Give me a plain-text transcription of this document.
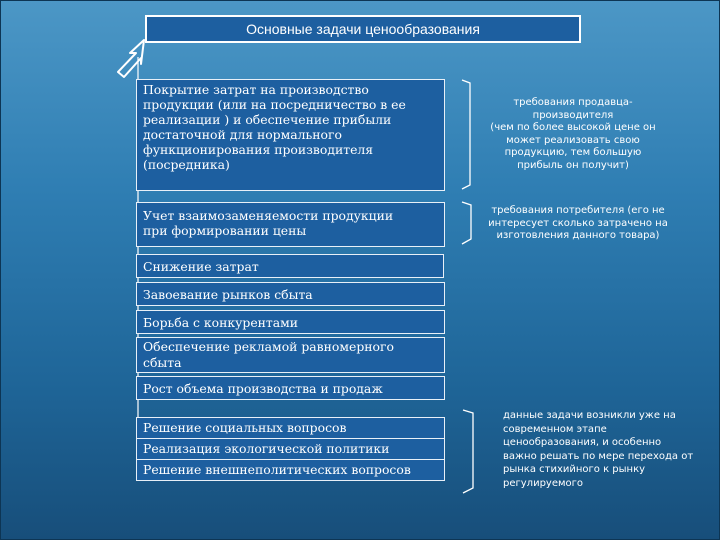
Основные задачи ценообразования
Покрытие затрат на производство
продукции (или на посредничество в ее
реализации ) и обеспечение прибыли
достаточной для нормального
функционирования производителя
(посредника)
Учет взаимозаменяемости продукции
при формировании цены
Снижение затрат
Завоевание рынков сбыта
Борьба с конкурентами
Обеспечение рекламой равномерного
сбыта
Рост объема производства и продаж
Решение социальных вопросов
Реализация экологической политики
Решение внешнеполитических вопросов
требования продавца-
производителя
(чем по более высокой цене он
может реализовать свою
продукцию, тем большую
прибыль он получит)
требования потребителя (его не
интересует сколько затрачено на
изготовления данного товара)
данные задачи возникли уже на
современном этапе
ценообразования, и особенно
важно решать по мере перехода от
рынка стихийного к рынку
регулируемого
